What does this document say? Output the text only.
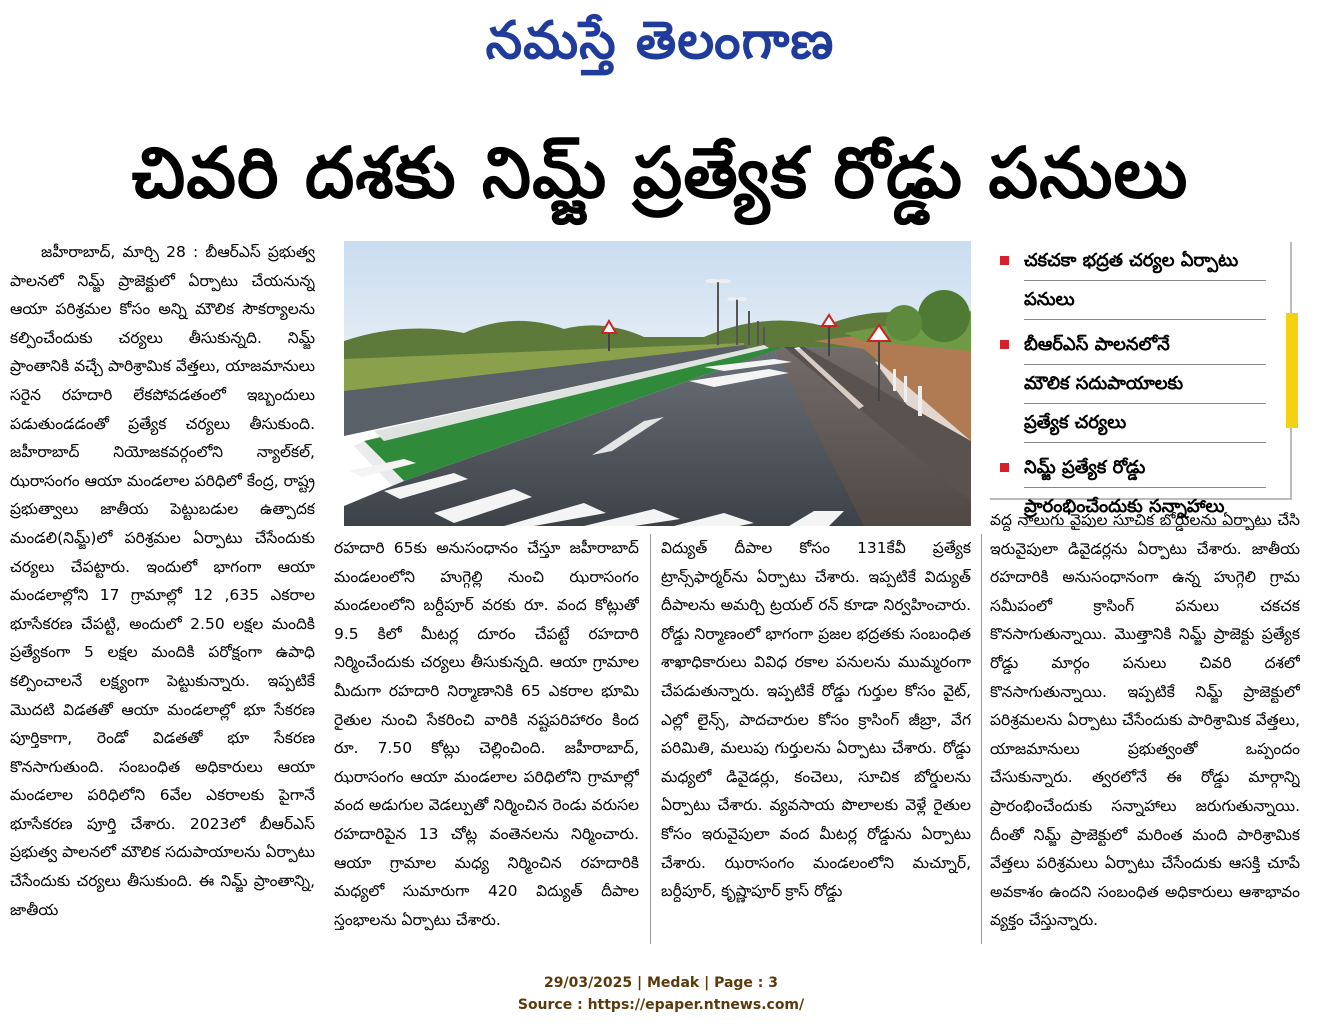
నమస్తే తెలంగాణ
చివరి దశకు నిమ్జ్ ప్రత్యేక రోడ్డు పనులు

జహీరాబాద్, మార్చి 28 : బీఆర్ఎస్ ప్రభుత్వ పాలనలో నిమ్జ్ ప్రాజెక్టులో ఏర్పాటు చేయనున్న ఆయా పరిశ్రమల కోసం అన్ని మౌలిక సౌకర్యాలను కల్పించేందుకు చర్యలు తీసుకున్నది. నిమ్జ్ ప్రాంతానికి వచ్చే పారిశ్రామిక వేత్తలు, యాజమానులు సరైన రహదారి లేకపోవడతంలో ఇబ్బందులు పడుతుండడంతో ప్రత్యేక చర్యలు తీసుకుంది. జహీరాబాద్ నియోజకవర్గంలోని న్యాల్‌కల్, ఝరాసంగం ఆయా మండలాల పరిధిలో కేంద్ర, రాష్ట్ర ప్రభుత్వాలు జాతీయ పెట్టుబడుల ఉత్పాదక మండలి(నిమ్జ్)లో పరిశ్రమల ఏర్పాటు చేసేందుకు చర్యలు చేపట్టారు. ఇందులో భాగంగా ఆయా మండలాల్లోని 17 గ్రామాల్లో 12 ,635 ఎకరాల భూసేకరణ చేపట్టి, అందులో 2.50 లక్షల మందికి ప్రత్యేకంగా 5 లక్షల మందికి పరోక్షంగా ఉపాధి కల్పించాలనే లక్ష్యంగా పెట్టుకున్నారు. ఇప్పటికే మొదటి విడతతో ఆయా మండలాల్లో భూ సేకరణ పూర్తికాగా, రెండో విడతతో భూ సేకరణ కొనసాగుతుంది. సంబంధిత అధికారులు ఆయా మండలాల పరిధిలోని 6వేల ఎకరాలకు పైగానే భూసేకరణ పూర్తి చేశారు. 2023లో బీఆర్ఎస్ ప్రభుత్వ పాలనలో మౌలిక సదుపాయాలను ఏర్పాటు చేసేందుకు చర్యలు తీసుకుంది. ఈ నిమ్జ్ ప్రాంతాన్ని, జాతీయ

చకచకా భద్రత చర్యల ఏర్పాటు
పనులు
బీఆర్ఎస్ పాలనలోనే
మౌలిక సదుపాయాలకు
ప్రత్యేక చర్యలు
నిమ్జ్ ప్రత్యేక రోడ్డు
ప్రారంభించేందుకు సన్నాహాలు

రహదారి 65కు అనుసంధానం చేస్తూ జహీరాబాద్ మండలంలోని హుగ్గెల్లి నుంచి ఝరాసంగం మండలంలోని బర్దీపూర్ వరకు రూ. వంద కోట్లుతో 9.5 కిలో మీటర్ల దూరం చేపట్టే రహదారి నిర్మించేందుకు చర్యలు తీసుకున్నది. ఆయా గ్రామాల మీదుగా రహదారి నిర్మాణానికి 65 ఎకరాల భూమి రైతుల నుంచి సేకరించి వారికి నష్టపరిహారం కింద రూ. 7.50 కోట్లు చెల్లించింది. జహీరాబాద్, ఝరాసంగం ఆయా మండలాల పరిధిలోని గ్రామాల్లో వంద అడుగుల వెడల్పుతో నిర్మించిన రెండు వరుసల రహదారిపైన 13 చోట్ల వంతెనలను నిర్మించారు. ఆయా గ్రామాల మధ్య నిర్మించిన రహదారికి మధ్యలో సుమారుగా 420 విద్యుత్ దీపాల స్తంభాలను ఏర్పాటు చేశారు.

విద్యుత్ దీపాల కోసం 131కేవీ ప్రత్యేక ట్రాన్స్‌ఫార్మర్‌ను ఏర్పాటు చేశారు. ఇప్పటికే విద్యుత్ దీపాలను అమర్చి ట్రయల్ రన్ కూడా నిర్వహించారు. రోడ్డు నిర్మాణంలో భాగంగా ప్రజల భద్రతకు సంబంధిత శాఖాధికారులు వివిధ రకాల పనులను ముమ్మరంగా చేపడుతున్నారు. ఇప్పటికే రోడ్డు గుర్తుల కోసం వైట్, ఎల్లో లైన్స్, పాదచారుల కోసం క్రాసింగ్ జీబ్రా, వేగ పరిమితి, మలుపు గుర్తులను ఏర్పాటు చేశారు. రోడ్డు మధ్యలో డివైడర్లు, కంచెలు, సూచిక బోర్డులను ఏర్పాటు చేశారు. వ్యవసాయ పొలాలకు వెళ్లే రైతుల కోసం ఇరువైపులా వంద మీటర్ల రోడ్డును ఏర్పాటు చేశారు. ఝరాసంగం మండలంలోని మచ్నూర్, బర్దీపూర్, కృష్ణాపూర్ క్రాస్ రోడ్డు

వద్ద నాలుగు వైపుల సూచిక బోర్డులను ఏర్పాటు చేసి ఇరువైపులా డివైడర్లను ఏర్పాటు చేశారు. జాతీయ రహదారికి అనుసంధానంగా ఉన్న హుగ్గెలి గ్రామ సమీపంలో క్రాసింగ్ పనులు చకచక కొనసాగుతున్నాయి. మొత్తానికి నిమ్జ్ ప్రాజెక్టు ప్రత్యేక రోడ్డు మార్గం పనులు చివరి దశలో కొనసాగుతున్నాయి. ఇప్పటికే నిమ్జ్ ప్రాజెక్టులో పరిశ్రమలను ఏర్పాటు చేసేందుకు పారిశ్రామిక వేత్తలు, యాజమానులు ప్రభుత్వంతో ఒప్పందం చేసుకున్నారు. త్వరలోనే ఈ రోడ్డు మార్గాన్ని ప్రారంభించేందుకు సన్నాహాలు జరుగుతున్నాయి. దీంతో నిమ్జ్ ప్రాజెక్టులో మరింత మంది పారిశ్రామిక వేత్తలు పరిశ్రమలు ఏర్పాటు చేసేందుకు ఆసక్తి చూపే అవకాశం ఉందని సంబంధిత అధికారులు ఆశాభావం వ్యక్తం చేస్తున్నారు.

29/03/2025 | Medak | Page : 3
Source : https://epaper.ntnews.com/
